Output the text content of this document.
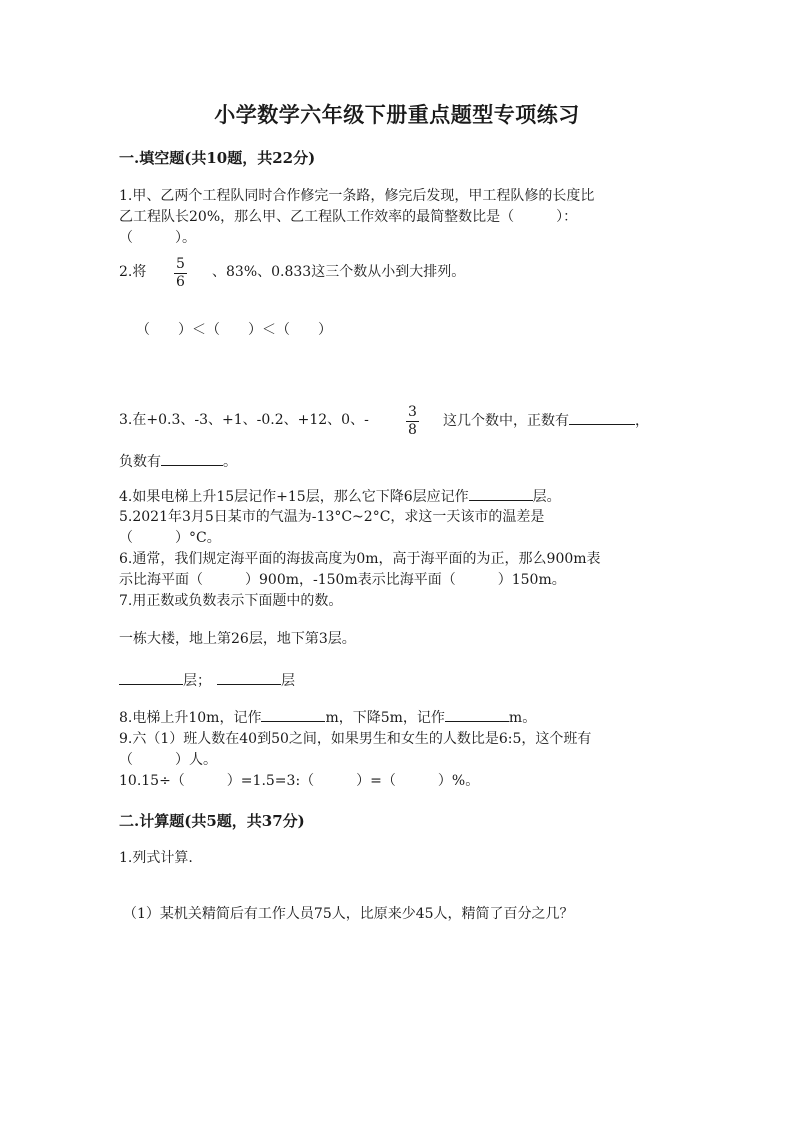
小学数学六年级下册重点题型专项练习
一.填空题(共10题，共22分)
1.甲、乙两个工程队同时合作修完一条路，修完后发现，甲工程队修的长度比
乙工程队长20%，那么甲、乙工程队工作效率的最简整数比是（　　　）：
（　　　）。
2.将 5
6
、83%、0.833这三个数从小到大排列。
（　　）＜（　　）＜（　　）
3.在+0.3、-3、+1、-0.2、+12、0、-	3
8
这几个数中，正数有	，
负数有	。
4.如果电梯上升15层记作+15层，那么它下降6层应记作	层。
5.2021年3月5日某市的气温为-13°C~2°C，求这一天该市的温差是
（　　　）°C。
6.通常，我们规定海平面的海拔高度为0m，高于海平面的为正，那么900m表
示比海平面（　　　）900m，-150m表示比海平面（　　　）150m。
7.用正数或负数表示下面题中的数。
一栋大楼，地上第26层，地下第3层。
层；	层
8.电梯上升10m，记作	m，下降5m，记作	m。
9.六（1）班人数在40到50之间，如果男生和女生的人数比是6:5，这个班有
（　　　）人。
10.15÷（　　　）=1.5=3:（　　　）=（　　　）%。
二.计算题(共5题，共37分)
1.列式计算.
（1）某机关精简后有工作人员75人，比原来少45人，精简了百分之几？
